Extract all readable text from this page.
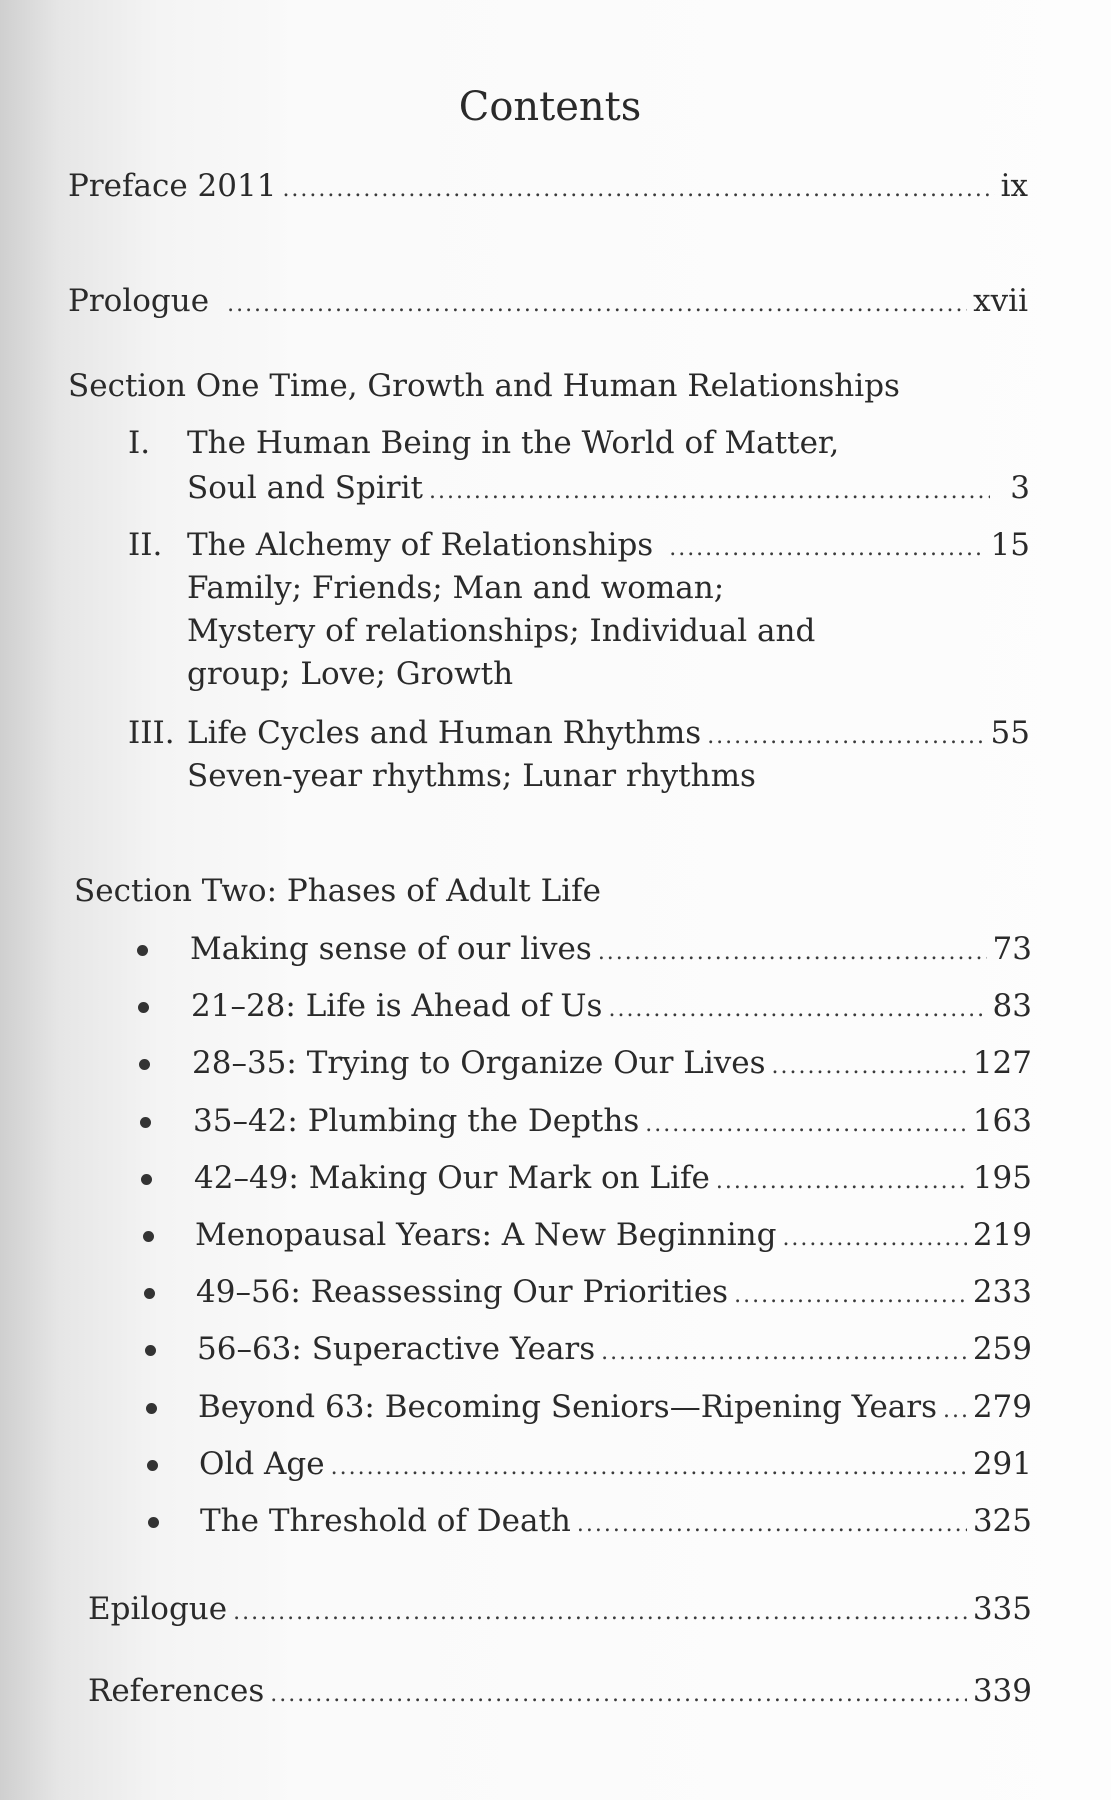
Contents
Preface 2011 .....	ix
Prologue .....	xvii
Section One Time, Growth and Human Relationships
I. The Human Being in the World of Matter,
Soul and Spirit .....	3
II. The Alchemy of Relationships .....	15
Family; Friends; Man and woman;
Mystery of relationships; Individual and
group; Love; Growth
III. Life Cycles and Human Rhythms .....	55
Seven-year rhythms; Lunar rhythms
Section Two: Phases of Adult Life
Making sense of our lives .....	73
21–28: Life is Ahead of Us .....	83
28–35: Trying to Organize Our Lives .....	127
35–42: Plumbing the Depths .....	163
42–49: Making Our Mark on Life .....	195
Menopausal Years: A New Beginning .....	219
49–56: Reassessing Our Priorities .....	233
56–63: Superactive Years .....	259
Beyond 63: Becoming Seniors—Ripening Years ..... 279
Old Age .....	291
The Threshold of Death .....	325
Epilogue .....	335
References .....	339
